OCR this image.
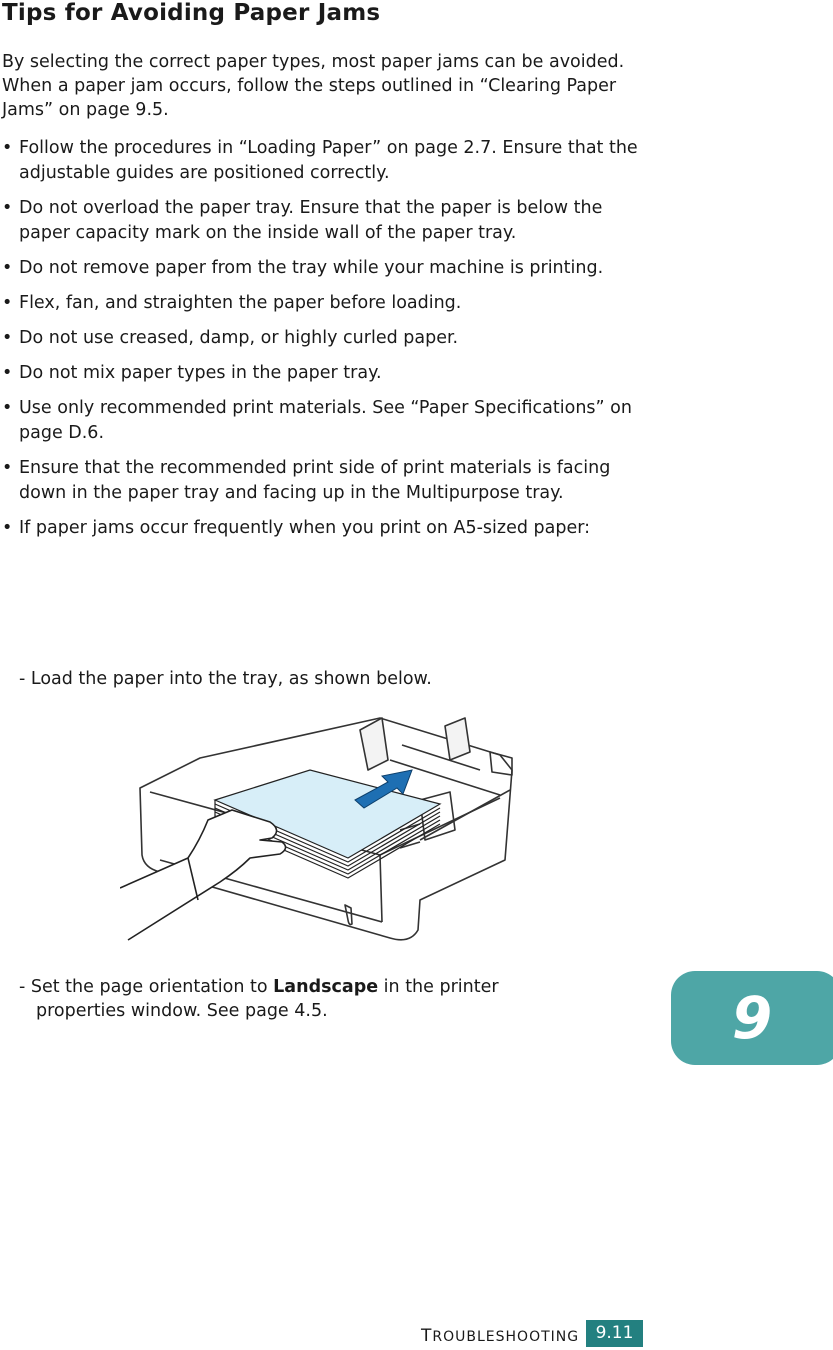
Tips for Avoiding Paper Jams
By selecting the correct paper types, most paper jams can be avoided. When a paper jam occurs, follow the steps outlined in “Clearing Paper Jams” on page 9.5.
• Follow the procedures in “Loading Paper” on page 2.7. Ensure that the adjustable guides are positioned correctly.
• Do not overload the paper tray. Ensure that the paper is below the paper capacity mark on the inside wall of the paper tray.
• Do not remove paper from the tray while your machine is printing.
• Flex, fan, and straighten the paper before loading.
• Do not use creased, damp, or highly curled paper.
• Do not mix paper types in the paper tray.
• Use only recommended print materials. See “Paper Specifications” on page D.6.
• Ensure that the recommended print side of print materials is facing down in the paper tray and facing up in the Multipurpose tray.
• If paper jams occur frequently when you print on A5-sized paper:
- Load the paper into the tray, as shown below.
- Set the page orientation to Landscape in the printer
properties window. See page 4.5.	9
TROUBLESHOOTING 9.11
